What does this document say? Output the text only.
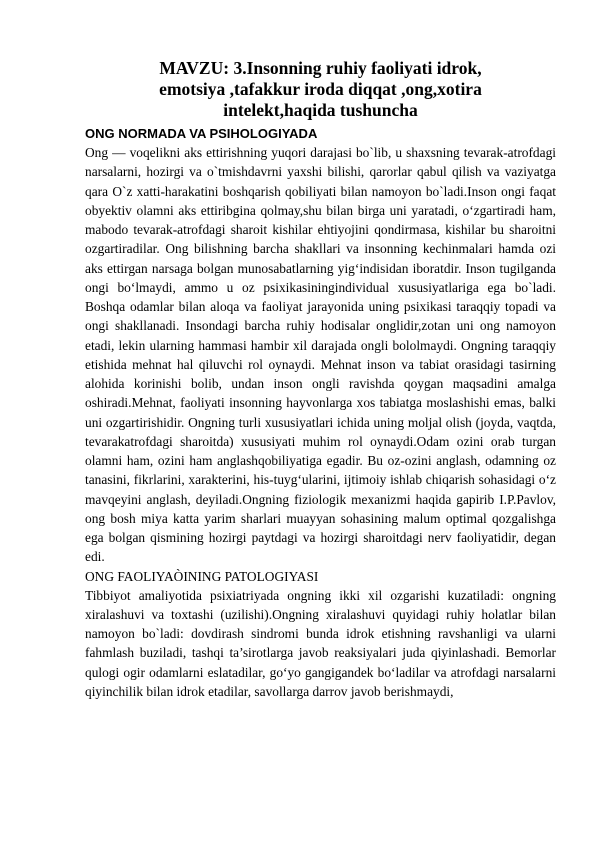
MAVZU: 3.Insonning ruhiy faoliyati idrok,
emotsiya ,tafakkur iroda diqqat ,ong,xotira
intelekt,haqida tushuncha

ONG NORMADA VA PSIHOLOGIYADA

Ong — voqelikni aks ettirishning yuqori darajasi bo`lib, u shaxsning tevarak-atrofdagi narsalarni, hozirgi va o`tmishdavrni yaxshi bilishi, qarorlar qabul qilish va vaziyatga qara O`z xatti-harakatini boshqarish qobiliyati bilan namoyon bo`ladi.Inson ongi faqat obyektiv olamni aks ettiribgina qolmay,shu bilan birga uni yaratadi, o‘zgartiradi ham, mabodo tevarak-atrofdagi sharoit kishilar ehtiyojini qondirmasa, kishilar bu sharoitni ozgartiradilar. Ong bilishning barcha shakllari va insonning kechinmalari hamda ozi aks ettirgan narsaga bolgan munosabatlarning yig‘indisidan iboratdir. Inson tugilganda ongi bo‘lmaydi, ammo u oz psixikasiningindividual xususiyatlariga ega bo`ladi. Boshqa odamlar bilan aloqa va faoliyat jarayonida uning psixikasi taraqqiy topadi va ongi shakllanadi. Insondagi barcha ruhiy hodisalar onglidir,zotan uni ong namoyon etadi, lekin ularning hammasi hambir xil darajada ongli bololmaydi. Ongning taraqqiy etishida mehnat hal qiluvchi rol oynaydi. Mehnat inson va tabiat orasidagi tasirning alohida korinishi bolib, undan inson ongli ravishda qoygan maqsadini amalga oshiradi.Mehnat, faoliyati insonning hayvonlarga xos tabiatga moslashishi emas, balki uni ozgartirishidir. Ongning turli xususiyatlari ichida uning moljal olish (joyda, vaqtda, tevarakatrofdagi sharoitda) xususiyati muhim rol oynaydi.Odam ozini orab turgan olamni ham, ozini ham anglashqobiliyatiga egadir. Bu oz-ozini anglash, odamning oz tanasini, fikrlarini, xarakterini, his-tuyg‘ularini, ijtimoiy ishlab chiqarish sohasidagi o‘z mavqeyini anglash, deyiladi.Ongning fiziologik mexanizmi haqida gapirib I.P.Pavlov, ong bosh miya katta yarim sharlari muayyan sohasining malum optimal qozgalishga ega bolgan qismining hozirgi paytdagi va hozirgi sharoitdagi nerv faoliyatidir, degan edi.

ONG FAOLIYAÒINING PATOLOGIYASI

Tibbiyot amaliyotida psixiatriyada ongning ikki xil ozgarishi kuzatiladi: ongning xiralashuvi va toxtashi (uzilishi).Ongning xiralashuvi quyidagi ruhiy holatlar bilan namoyon bo`ladi: dovdirash sindromi bunda idrok etishning ravshanligi va ularni fahmlash buziladi, tashqi ta’sirotlarga javob reaksiyalari juda qiyinlashadi. Bemorlar qulogi ogir odamlarni eslatadilar, go‘yo gangigandek bo‘ladilar va atrofdagi narsalarni qiyinchilik bilan idrok etadilar, savollarga darrov javob berishmaydi,
